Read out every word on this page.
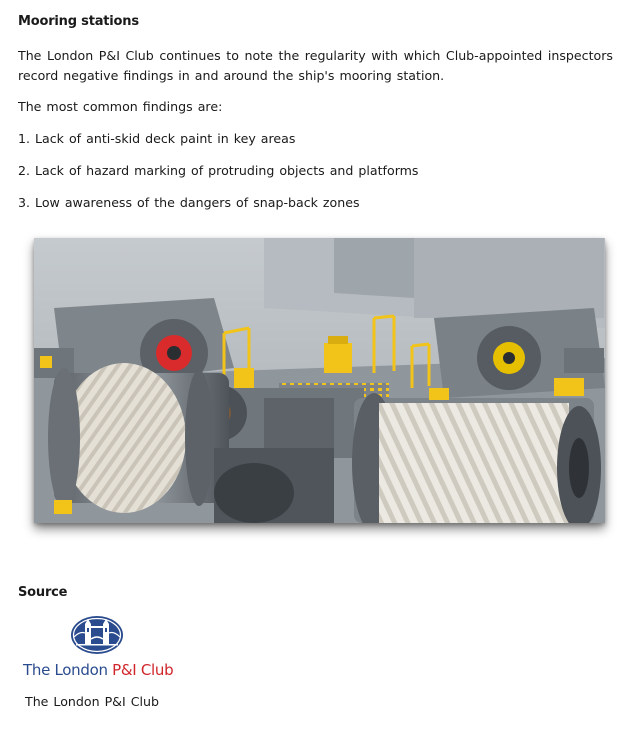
Mooring stations
The London P&I Club continues to note the regularity with which Club-appointed inspectors record negative findings in and around the ship's mooring station.
The most common findings are:
1. Lack of anti-skid deck paint in key areas
2. Lack of hazard marking of protruding objects and platforms
3. Low awareness of the dangers of snap-back zones
Source
The London P&I Club
The London P&I Club
